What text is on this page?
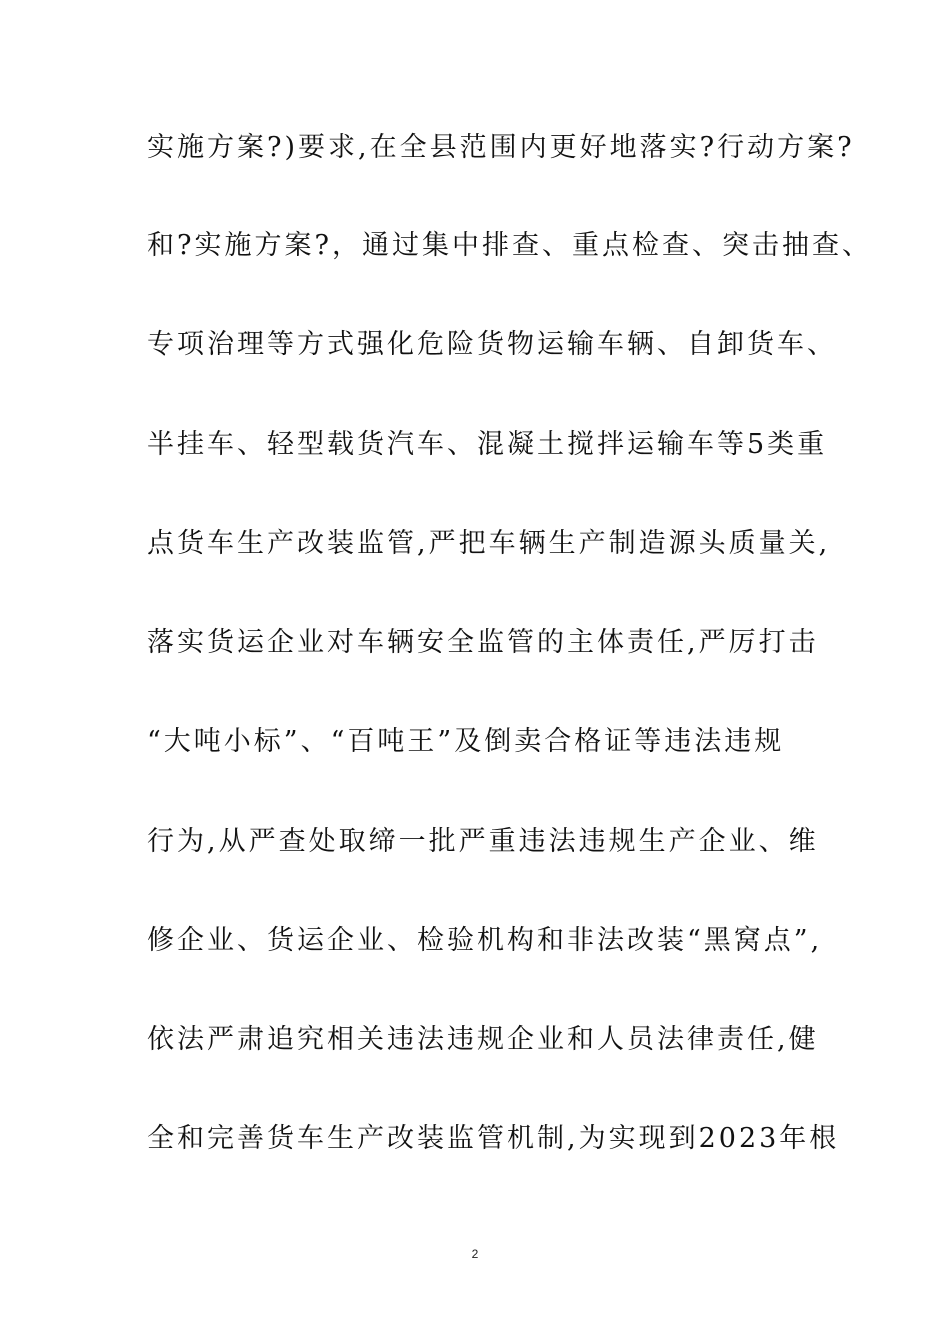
实施方案?)要求,在全县范围内更好地落实?行动方案?
和?实施方案?，通过集中排查、重点检查、突击抽查、
专项治理等方式强化危险货物运输车辆、自卸货车、
半挂车、轻型载货汽车、混凝土搅拌运输车等5类重
点货车生产改装监管,严把车辆生产制造源头质量关,
落实货运企业对车辆安全监管的主体责任,严厉打击
“大吨小标”、“百吨王”及倒卖合格证等违法违规
行为,从严查处取缔一批严重违法违规生产企业、维
修企业、货运企业、检验机构和非法改装“黑窝点”,
依法严肃追究相关违法违规企业和人员法律责任,健
全和完善货车生产改装监管机制,为实现到2023年根
2
